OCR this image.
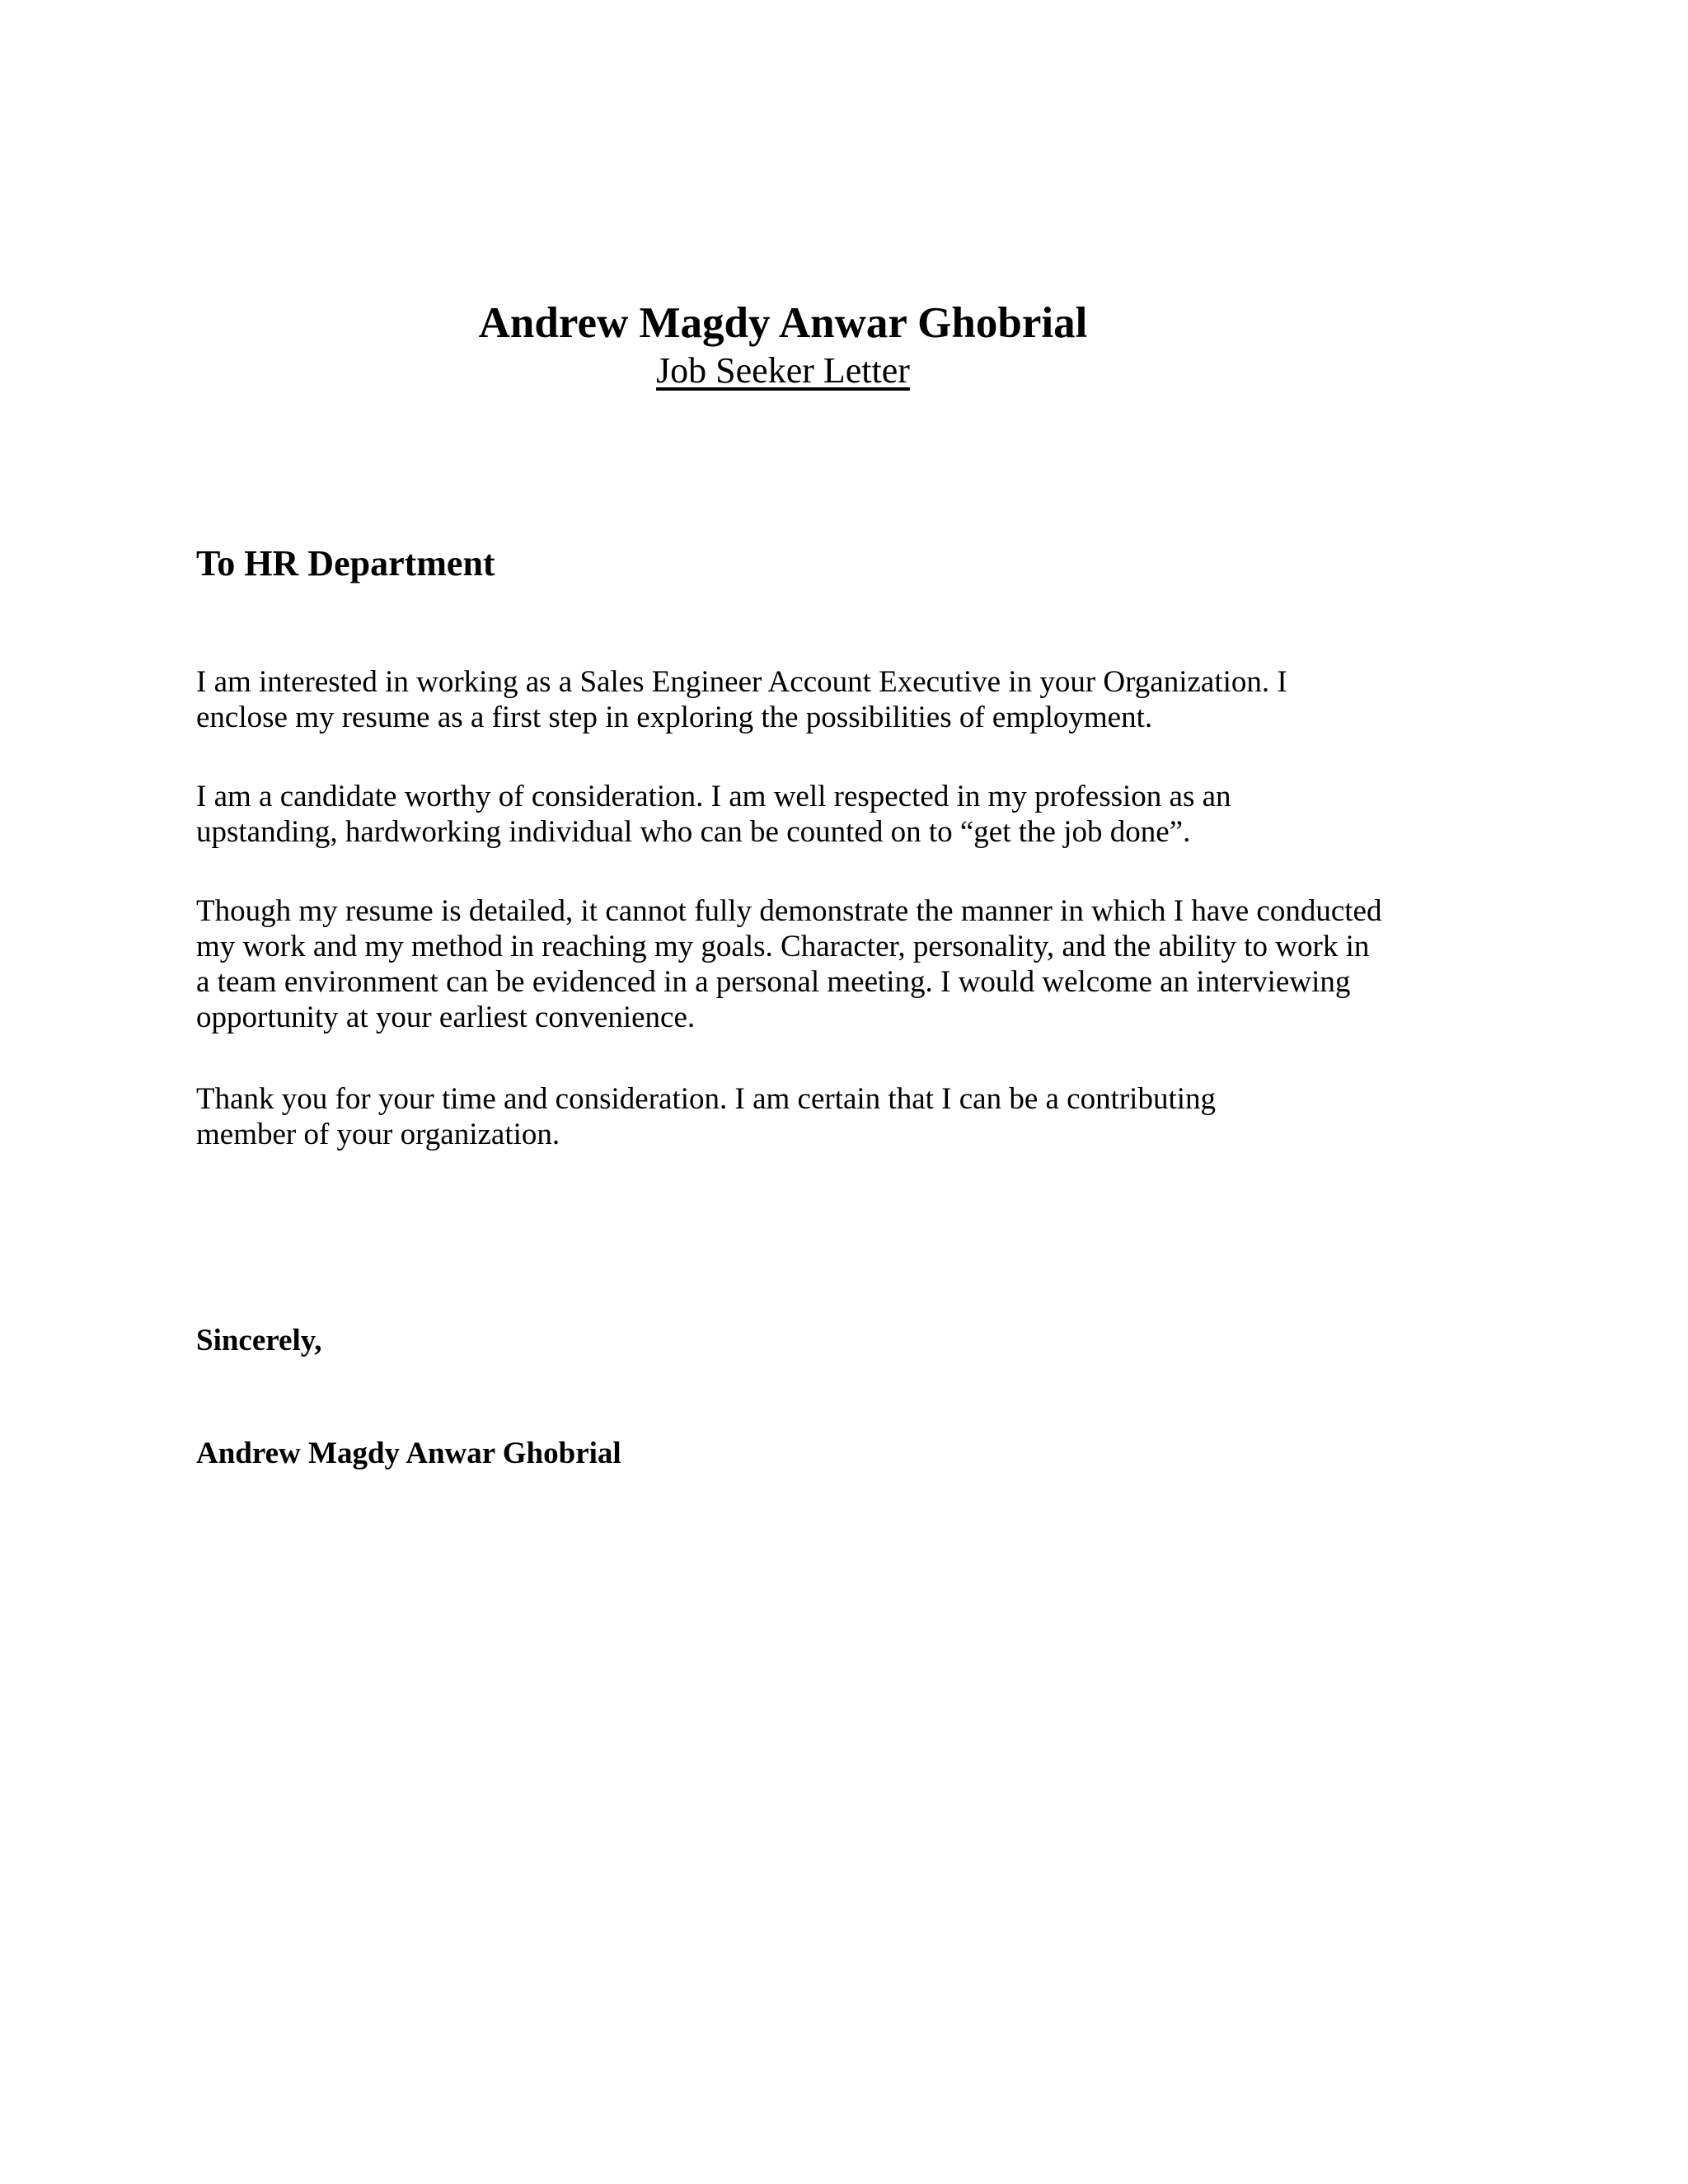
Andrew Magdy Anwar Ghobrial

Job Seeker Letter

To HR Department

I am interested in working as a Sales Engineer Account Executive in your Organization. I
enclose my resume as a first step in exploring the possibilities of employment.

I am a candidate worthy of consideration. I am well respected in my profession as an
upstanding, hardworking individual who can be counted on to “get the job done”.

Though my resume is detailed, it cannot fully demonstrate the manner in which I have conducted
my work and my method in reaching my goals. Character, personality, and the ability to work in
a team environment can be evidenced in a personal meeting. I would welcome an interviewing
opportunity at your earliest convenience.

Thank you for your time and consideration. I am certain that I can be a contributing
member of your organization.

Sincerely,

Andrew Magdy Anwar Ghobrial
